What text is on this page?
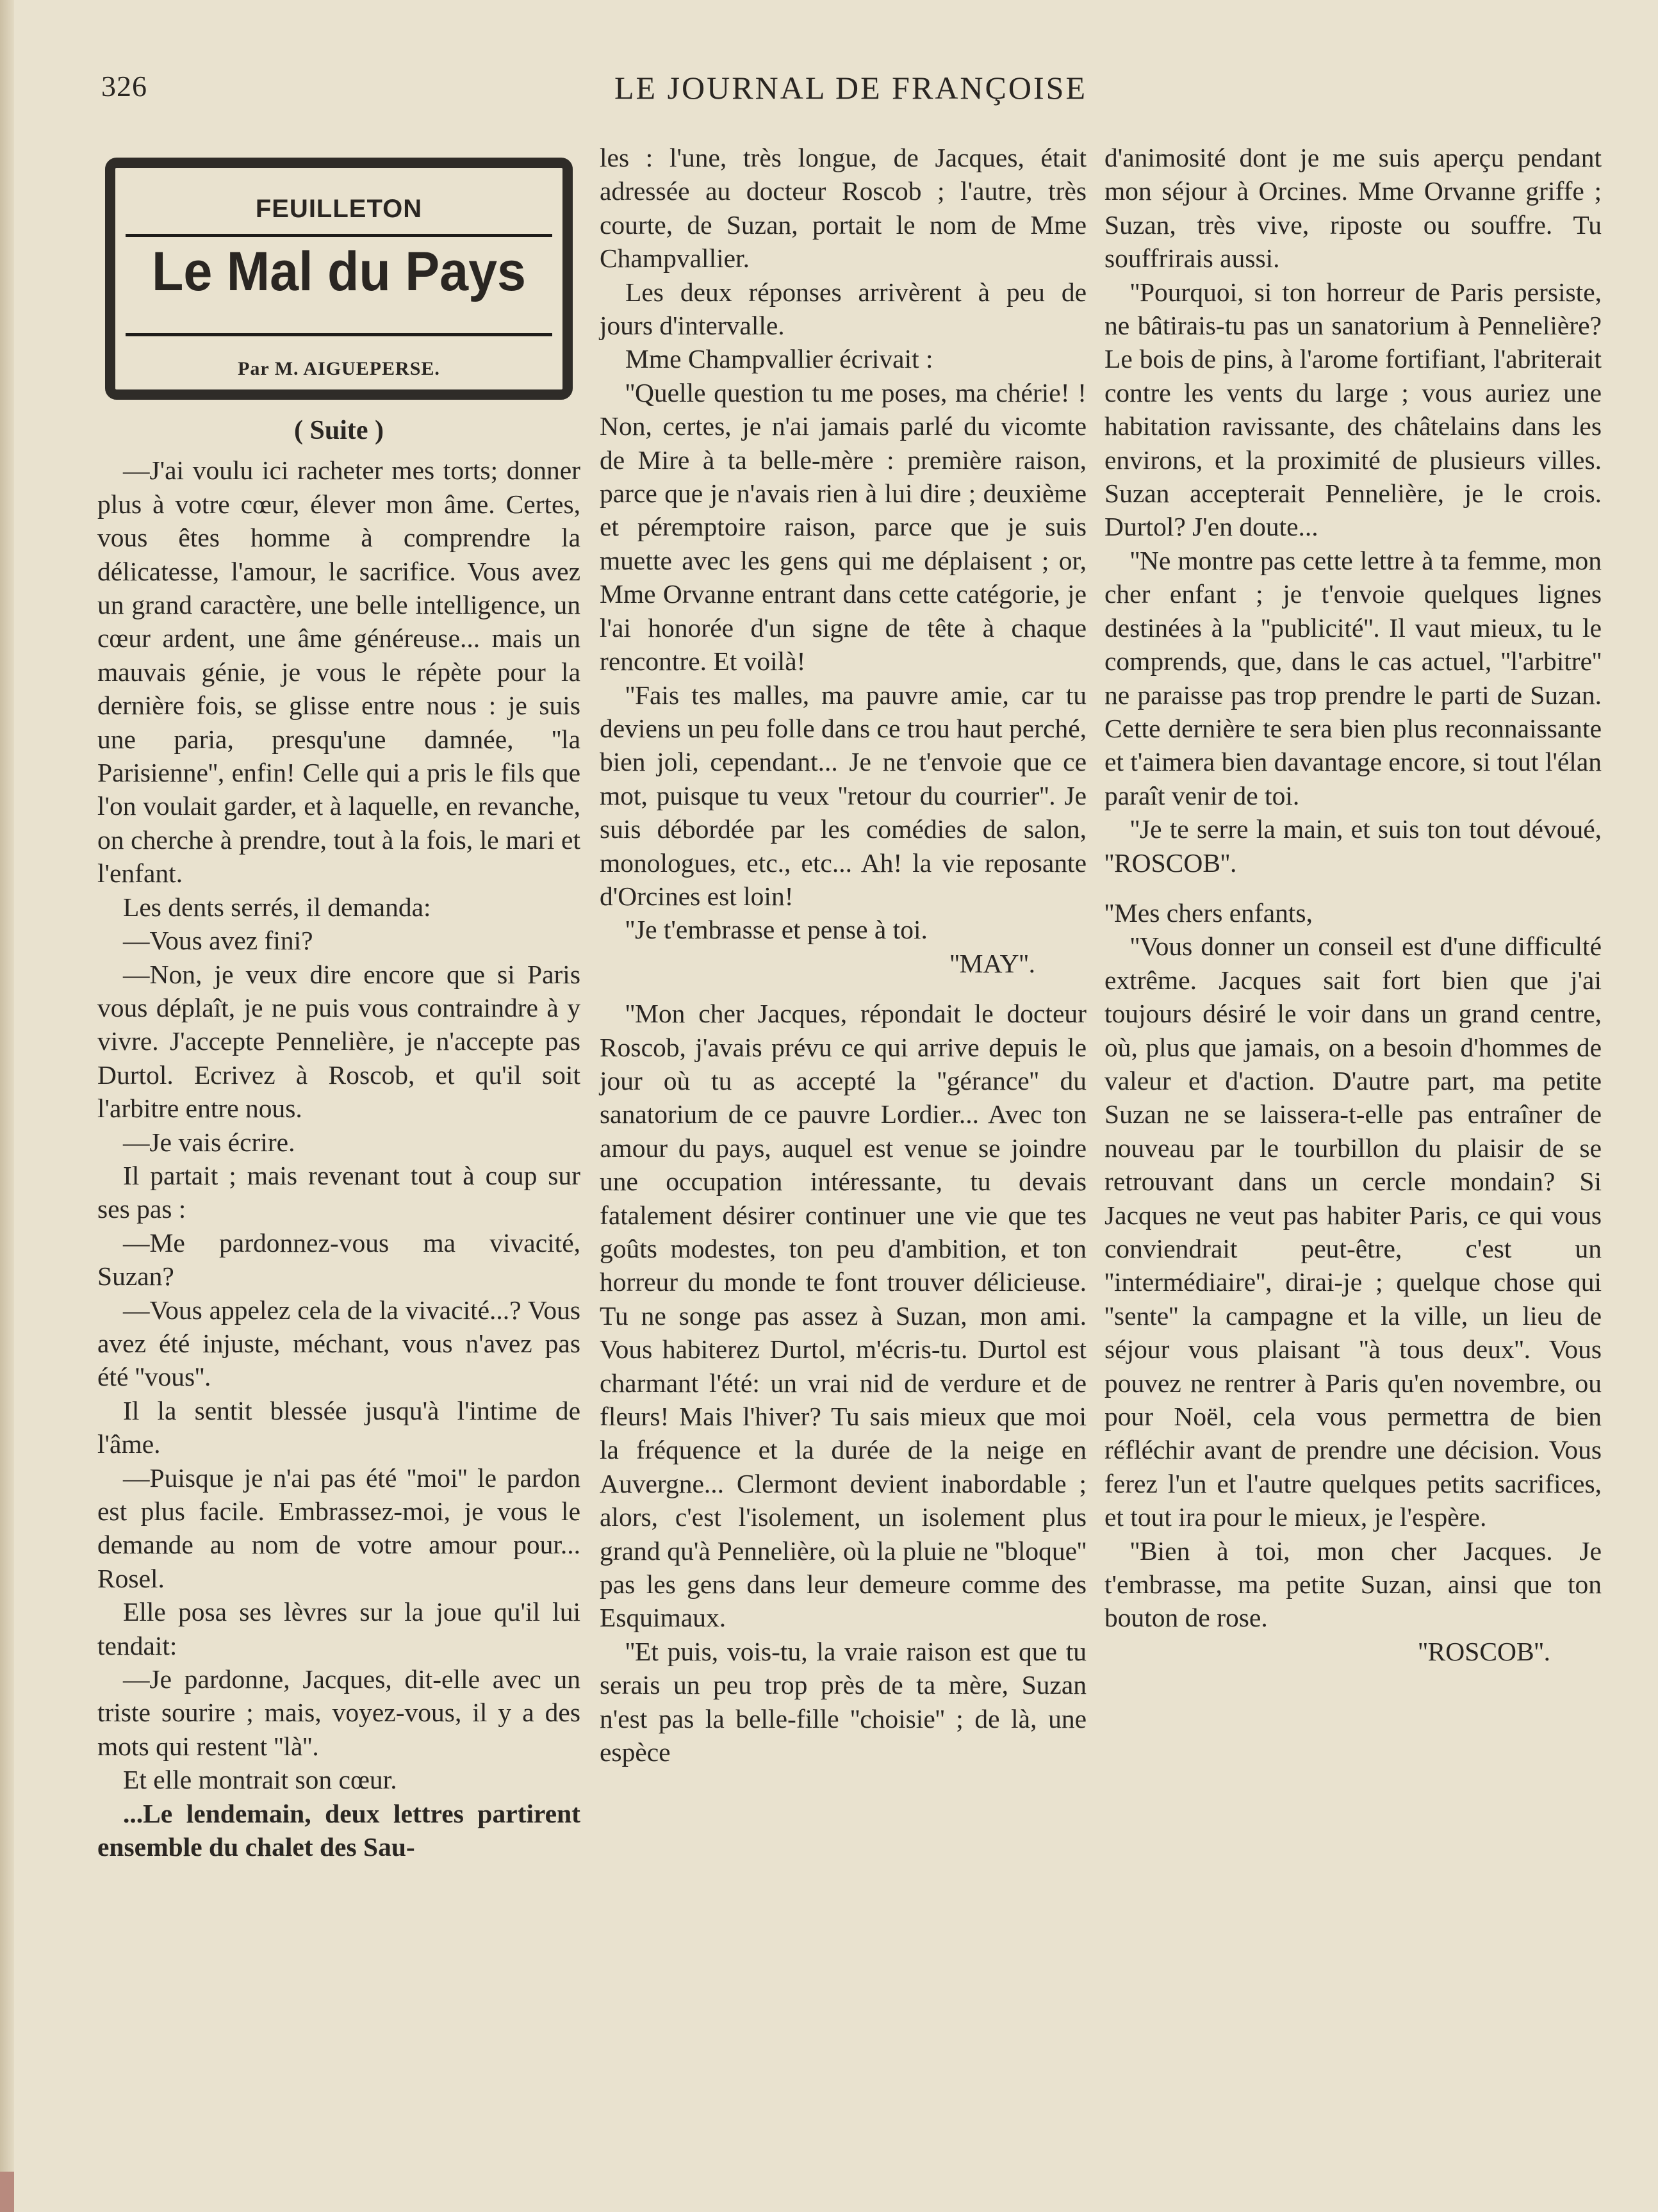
326	LE JOURNAL DE FRANÇOISE
FEUILLETON
Le Mal du Pays
Par M. AIGUEPERSE.
( Suite )

—J'ai voulu ici racheter mes torts; donner plus à votre cœur, élever mon âme. Certes, vous êtes homme à comprendre la délicatesse, l'amour, le sacrifice. Vous avez un grand caractère, une belle intelligence, un cœur ardent, une âme généreuse... mais un mauvais génie, je vous le répète pour la dernière fois, se glisse entre nous : je suis une paria, presqu'une damnée, ''la Parisienne'', enfin! Celle qui a pris le fils que l'on voulait garder, et à laquelle, en revanche, on cherche à prendre, tout à la fois, le mari et l'enfant.

Les dents serrés, il demanda:

—Vous avez fini?

—Non, je veux dire encore que si Paris vous déplaît, je ne puis vous contraindre à y vivre. J'accepte Pennelière, je n'accepte pas Durtol. Ecrivez à Roscob, et qu'il soit l'arbitre entre nous.

—Je vais écrire.

Il partait ; mais revenant tout à coup sur ses pas :

—Me pardonnez-vous ma vivacité, Suzan?

—Vous appelez cela de la vivacité...? Vous avez été injuste, méchant, vous n'avez pas été ''vous''.

Il la sentit blessée jusqu'à l'intime de l'âme.

—Puisque je n'ai pas été ''moi'' le pardon est plus facile. Embrassez-moi, je vous le demande au nom de votre amour pour... Rosel.

Elle posa ses lèvres sur la joue qu'il lui tendait:

—Je pardonne, Jacques, dit-elle avec un triste sourire ; mais, voyez-vous, il y a des mots qui restent ''là''.

Et elle montrait son cœur.

...Le lendemain, deux lettres partirent ensemble du chalet des Sau-

les : l'une, très longue, de Jacques, était adressée au docteur Roscob ; l'autre, très courte, de Suzan, portait le nom de Mme Champvallier.

Les deux réponses arrivèrent à peu de jours d'intervalle.

Mme Champvallier écrivait :

''Quelle question tu me poses, ma chérie! ! Non, certes, je n'ai jamais parlé du vicomte de Mire à ta belle-mère : première raison, parce que je n'avais rien à lui dire ; deuxième et péremptoire raison, parce que je suis muette avec les gens qui me déplaisent ; or, Mme Orvanne entrant dans cette catégorie, je l'ai honorée d'un signe de tête à chaque rencontre. Et voilà!

''Fais tes malles, ma pauvre amie, car tu deviens un peu folle dans ce trou haut perché, bien joli, cependant... Je ne t'envoie que ce mot, puisque tu veux ''retour du courrier''. Je suis débordée par les comédies de salon, monologues, etc., etc... Ah! la vie reposante d'Orcines est loin!

''Je t'embrasse et pense à toi.

''MAY''.

''Mon cher Jacques, répondait le docteur Roscob, j'avais prévu ce qui arrive depuis le jour où tu as accepté la ''gérance'' du sanatorium de ce pauvre Lordier... Avec ton amour du pays, auquel est venue se joindre une occupation intéressante, tu devais fatalement désirer continuer une vie que tes goûts modestes, ton peu d'ambition, et ton horreur du monde te font trouver délicieuse. Tu ne songe pas assez à Suzan, mon ami. Vous habiterez Durtol, m'écris-tu. Durtol est charmant l'été: un vrai nid de verdure et de fleurs! Mais l'hiver? Tu sais mieux que moi la fréquence et la durée de la neige en Auvergne... Clermont devient inabordable ; alors, c'est l'isolement, un isolement plus grand qu'à Pennelière, où la pluie ne ''bloque'' pas les gens dans leur demeure comme des Esquimaux.

''Et puis, vois-tu, la vraie raison est que tu serais un peu trop près de ta mère, Suzan n'est pas la belle-fille ''choisie'' ; de là, une espèce

d'animosité dont je me suis aperçu pendant mon séjour à Orcines. Mme Orvanne griffe ; Suzan, très vive, riposte ou souffre. Tu souffrirais aussi.

''Pourquoi, si ton horreur de Paris persiste, ne bâtirais-tu pas un sanatorium à Pennelière? Le bois de pins, à l'arome fortifiant, l'abriterait contre les vents du large ; vous auriez une habitation ravissante, des châtelains dans les environs, et la proximité de plusieurs villes. Suzan accepterait Pennelière, je le crois. Durtol? J'en doute...

''Ne montre pas cette lettre à ta femme, mon cher enfant ; je t'envoie quelques lignes destinées à la ''publicité''. Il vaut mieux, tu le comprends, que, dans le cas actuel, ''l'arbitre'' ne paraisse pas trop prendre le parti de Suzan. Cette dernière te sera bien plus reconnaissante et t'aimera bien davantage encore, si tout l'élan paraît venir de toi.

''Je te serre la main, et suis ton tout dévoué, ''ROSCOB''.

''Mes chers enfants,

''Vous donner un conseil est d'une difficulté extrême. Jacques sait fort bien que j'ai toujours désiré le voir dans un grand centre, où, plus que jamais, on a besoin d'hommes de valeur et d'action. D'autre part, ma petite Suzan ne se laissera-t-elle pas entraîner de nouveau par le tourbillon du plaisir de se retrouvant dans un cercle mondain? Si Jacques ne veut pas habiter Paris, ce qui vous conviendrait peut-être, c'est un ''intermédiaire'', dirai-je ; quelque chose qui ''sente'' la campagne et la ville, un lieu de séjour vous plaisant ''à tous deux''. Vous pouvez ne rentrer à Paris qu'en novembre, ou pour Noël, cela vous permettra de bien réfléchir avant de prendre une décision. Vous ferez l'un et l'autre quelques petits sacrifices, et tout ira pour le mieux, je l'espère.

''Bien à toi, mon cher Jacques. Je t'embrasse, ma petite Suzan, ainsi que ton bouton de rose.

''ROSCOB''.
